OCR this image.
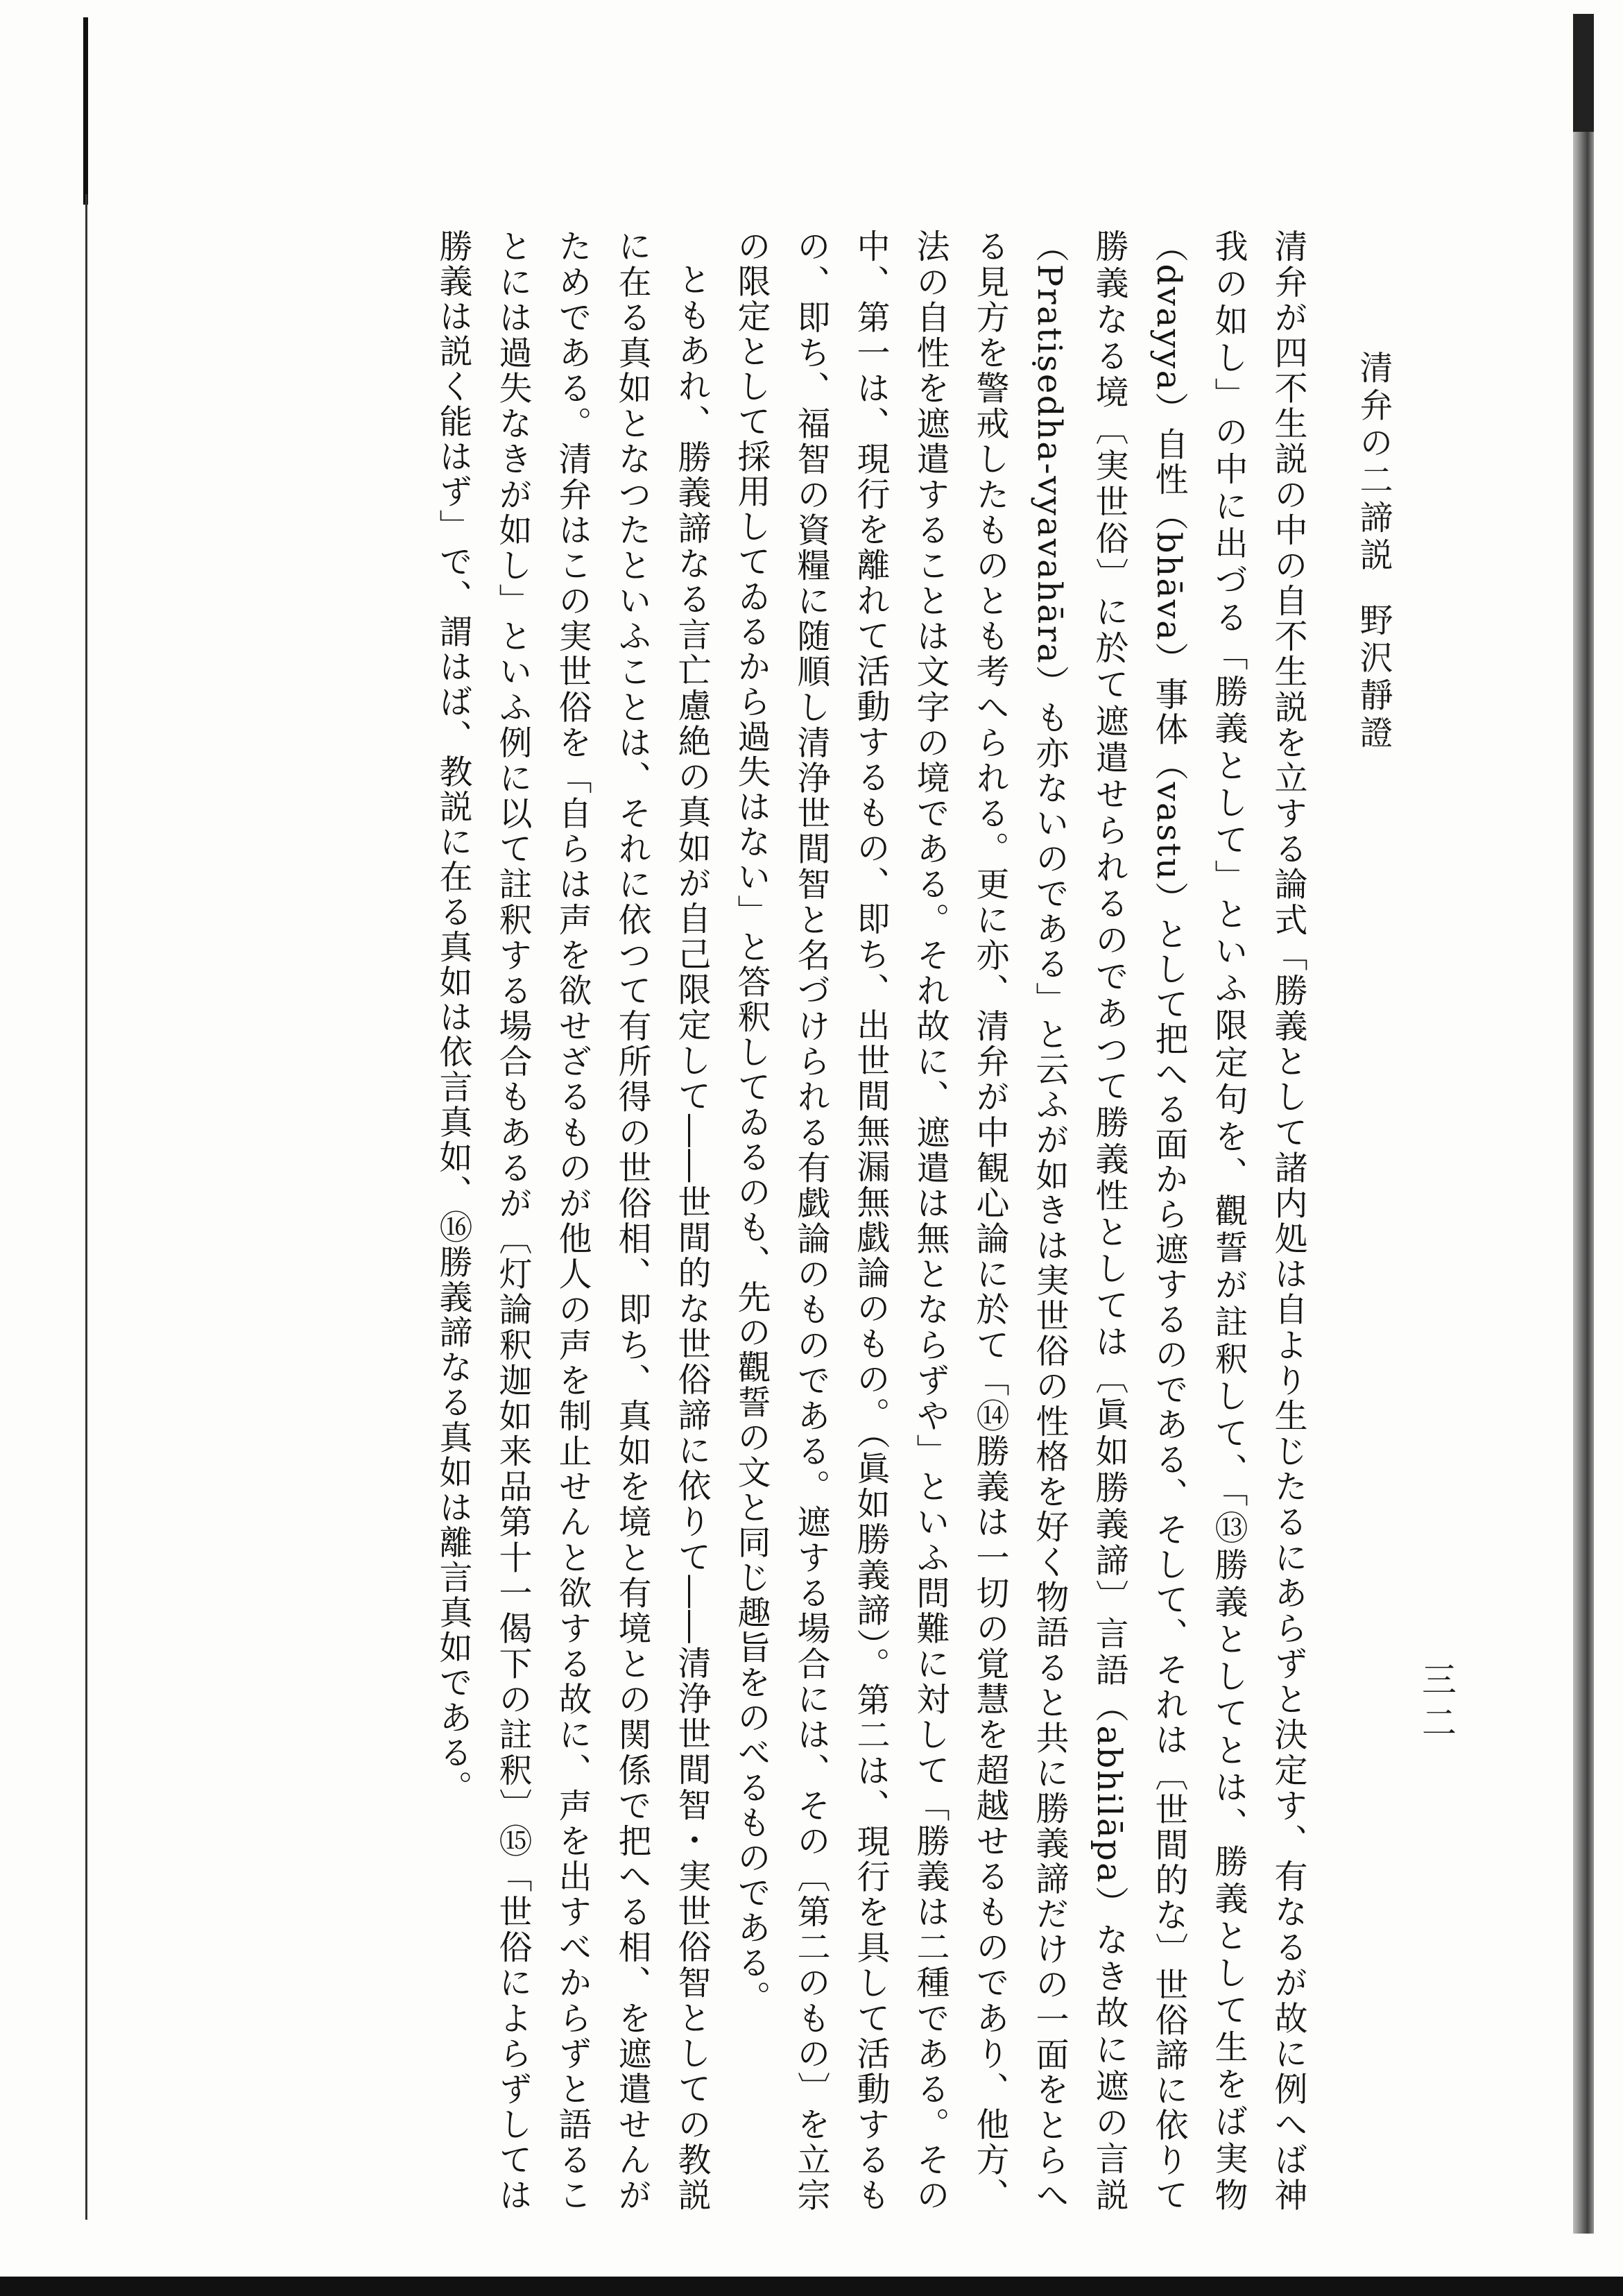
三二
清弁の二諦説野沢靜證

清弁が四不生説の中の自不生説を立する論式「勝義として諸内処は自より生じたるにあらずと決定す、有なるが故に例へば神我の如し」の中に出づる「勝義として」といふ限定句を、觀誓が註釈して、「⑬勝義としてとは、勝義として生をば実物（dvayya）自性（bhāva）事体（vastu）として把へる面から遮するのである、そして、それは〔世間的な〕世俗諦に依りて勝義なる境〔実世俗〕に於て遮遣せられるのであつて勝義性としては〔眞如勝義諦〕言語（abhilāpa）なき故に遮の言説（Pratiṣedha-vyavahāra）も亦ないのである」と云ふが如きは実世俗の性格を好く物語ると共に勝義諦だけの一面をとらへる見方を警戒したものとも考へられる。更に亦、清弁が中観心論に於て「⑭勝義は一切の覚慧を超越せるものであり、他方、法の自性を遮遣することは文字の境である。それ故に、遮遣は無とならずや」といふ問難に対して「勝義は二種である。その中、第一は、現行を離れて活動するもの、即ち、出世間無漏無戯論のもの。（眞如勝義諦）。第二は、現行を具して活動するもの、即ち、福智の資糧に随順し清浄世間智と名づけられる有戯論のものである。遮する場合には、その〔第二のもの〕を立宗の限定として採用してゐるから過失はない」と答釈してゐるのも、先の觀誓の文と同じ趣旨をのべるものである。

ともあれ、勝義諦なる言亡慮絶の真如が自己限定して――世間的な世俗諦に依りて――清浄世間智・実世俗智としての教説に在る真如となつたといふことは、それに依つて有所得の世俗相、即ち、真如を境と有境との関係で把へる相、を遮遣せんがためである。清弁はこの実世俗を「自らは声を欲せざるものが他人の声を制止せんと欲する故に、声を出すべからずと語ることには過失なきが如し」といふ例に以て註釈する場合もあるが〔灯論釈迦如来品第十一偈下の註釈〕⑮「世俗によらずしては勝義は説く能はず」で、謂はば、教説に在る真如は依言真如、⑯勝義諦なる真如は離言真如である。
